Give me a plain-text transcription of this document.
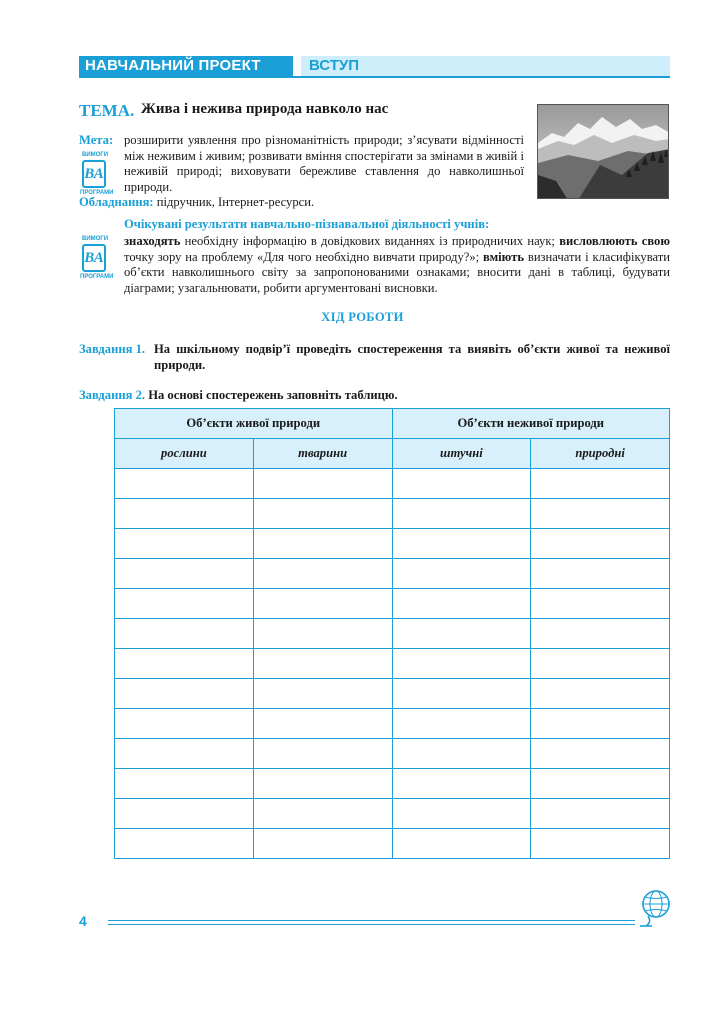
НАВЧАЛЬНИЙ ПРОЕКТ	ВСТУП
ТЕМА. Жива і нежива природа навколо нас
Мета: розширити уявлення про різноманітність природи; з’ясувати відмінності між неживим і живим; розвивати вміння спостерігати за змінами в живій і неживій природі; виховувати бережливе ставлення до навколишньої природи.
ВИМОГИ
ВА
ПРОГРАМИ
Обладнання: підручник, Інтернет-ресурси.
Очікувані результати навчально-пізнавальної діяльності учнів:
ВИМОГИ
ВА
ПРОГРАМИ
знаходять необхідну інформацію в довідкових виданнях із природничих наук; висловлюють свою точку зору на проблему «Для чого необхідно вивчати природу?»; вміють визначати і класифікувати об’єкти навколишнього світу за запропонованими ознаками; вносити дані в таблиці, будувати діаграми; узагальнювати, робити аргументовані висновки.
ХІД РОБОТИ
Завдання 1. На шкільному подвір’ї проведіть спостереження та виявіть об’єкти живої та неживої природи.
Завдання 2. На основі спостережень заповніть таблицю.
Об’єкти живої природи		Об’єкти неживої природи	
рослини	тварини	штучні	природні

4
